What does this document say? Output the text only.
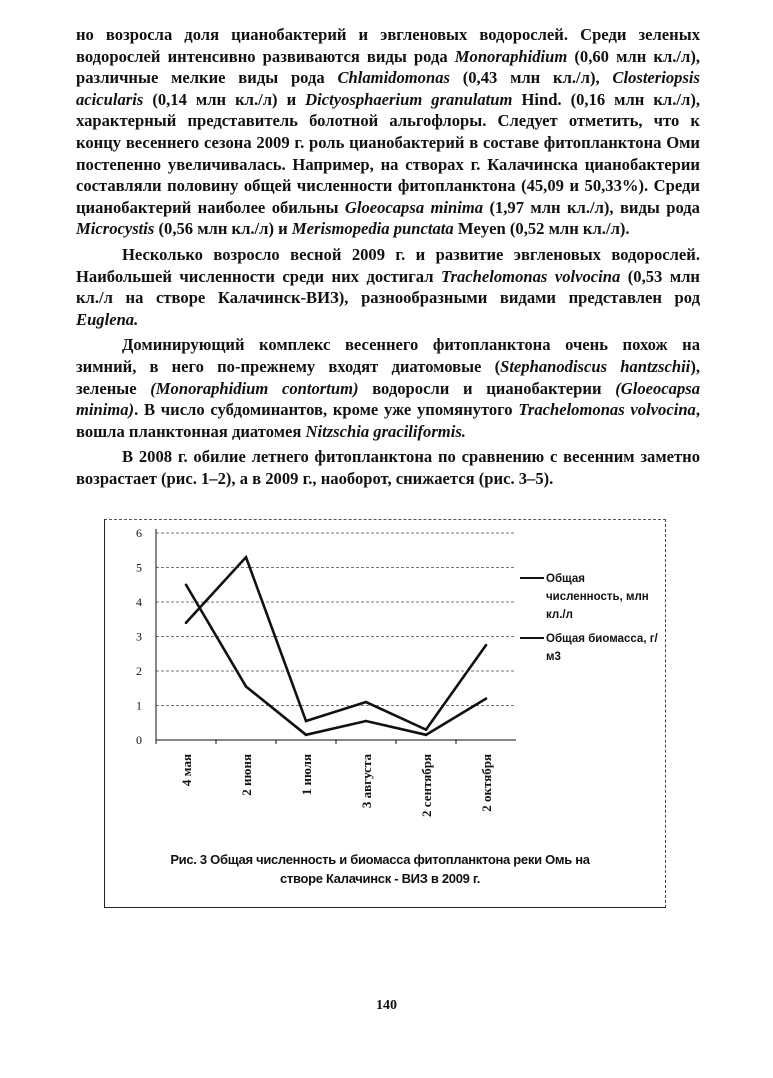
но возросла доля цианобактерий и эвгленовых водорослей. Среди зеленых водорослей интенсивно развиваются виды рода Monoraphidium (0,60 млн кл./л), различные мелкие виды рода Chlamidomonas (0,43 млн кл./л), Closteriopsis acicularis (0,14 млн кл./л) и Dictyosphaerium granulatum Hind. (0,16 млн кл./л), характерный представитель болотной альгофлоры. Следует отметить, что к концу весеннего сезона 2009 г. роль цианобактерий в составе фитопланктона Оми постепенно увеличивалась. Например, на створах г. Калачинска цианобактерии составляли половину общей численности фитопланктона (45,09 и 50,33%). Среди цианобактерий наиболее обильны Gloeocapsa minima (1,97 млн кл./л), виды рода Microcystis (0,56 млн кл./л) и Merismopedia punctata Meyen (0,52 млн кл./л).

Несколько возросло весной 2009 г. и развитие эвгленовых водорослей. Наибольшей численности среди них достигал Trachelomonas volvocina (0,53 млн кл./л на створе Калачинск-ВИЗ), разнообразными видами представлен род Euglena.

Доминирующий комплекс весеннего фитопланктона очень похож на зимний, в него по-прежнему входят диатомовые (Stephanodiscus hantzschii), зеленые (Monoraphidium contortum) водоросли и цианобактерии (Gloeocapsa minima). В число субдоминантов, кроме уже упомянутого Trachelomonas volvocina, вошла планктонная диатомея Nitzschia graciliformis.

В 2008 г. обилие летнего фитопланктона по сравнению с весенним заметно возрастает (рис. 1–2), а в 2009 г., наоборот, снижается (рис. 3–5).

0
1
2
3
4
5
6
4 мая	2 июня	1 июля	3 августа	2 сентября	2 октября
Общая численность, млн кл./л
Общая биомасса, г/м3
Рис. 3 Общая численность и биомасса фитопланктона реки Омь на
створе Калачинск - ВИЗ в 2009 г.
140
